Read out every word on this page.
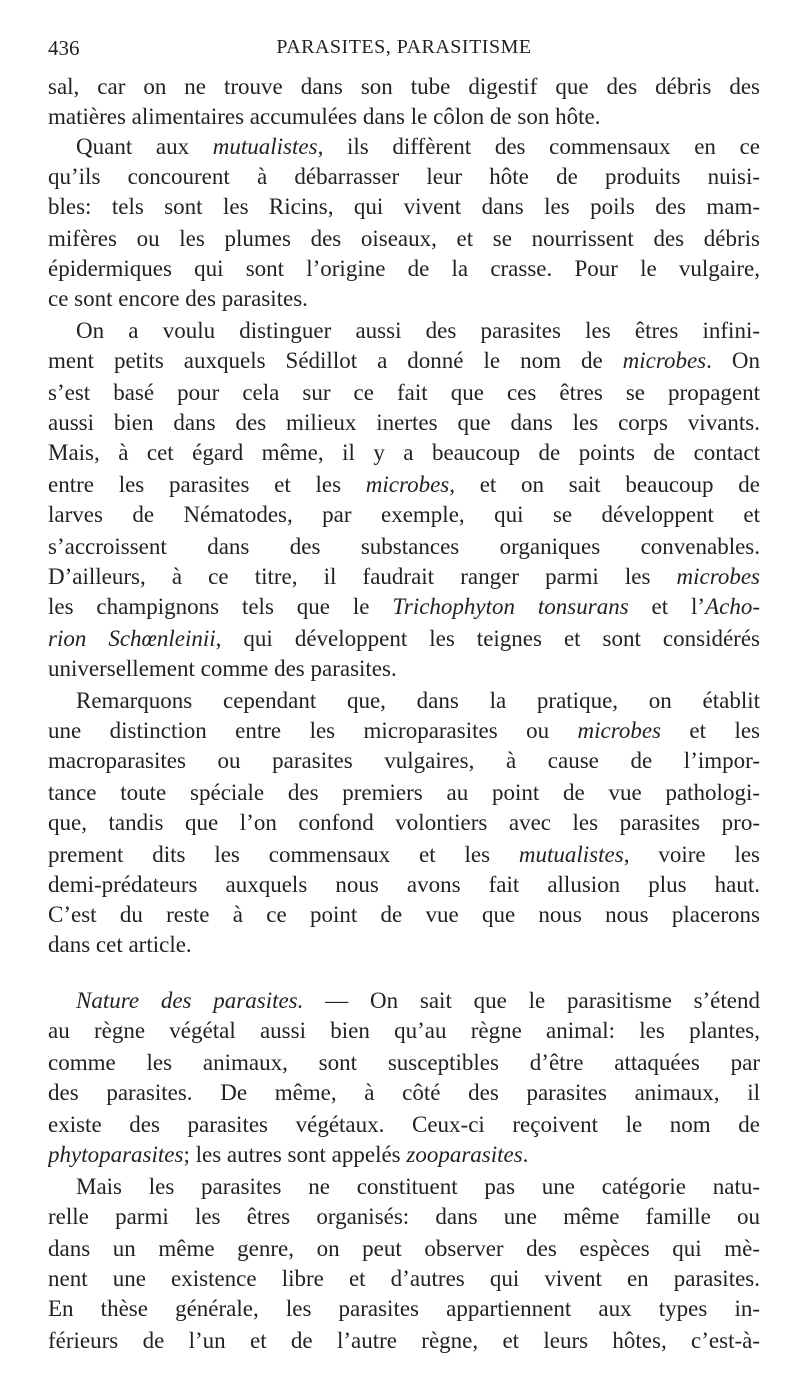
436	PARASITES, PARASITISME
sal, car on ne trouve dans son tube digestif que des débris des
matières alimentaires accumulées dans le côlon de son hôte.
Quant aux mutualistes, ils diffèrent des commensaux en ce
qu’ils concourent à débarrasser leur hôte de produits nuisi-
bles: tels sont les Ricins, qui vivent dans les poils des mam-
mifères ou les plumes des oiseaux, et se nourrissent des débris
épidermiques qui sont l’origine de la crasse. Pour le vulgaire,
ce sont encore des parasites.
On a voulu distinguer aussi des parasites les êtres infini-
ment petits auxquels Sédillot a donné le nom de microbes. On
s’est basé pour cela sur ce fait que ces êtres se propagent
aussi bien dans des milieux inertes que dans les corps vivants.
Mais, à cet égard même, il y a beaucoup de points de contact
entre les parasites et les microbes, et on sait beaucoup de
larves de Nématodes, par exemple, qui se développent et
s’accroissent dans des substances organiques convenables.
D’ailleurs, à ce titre, il faudrait ranger parmi les microbes
les champignons tels que le Trichophyton tonsurans et l’Acho-
rion Schœnleinii, qui développent les teignes et sont considérés
universellement comme des parasites.
Remarquons cependant que, dans la pratique, on établit
une distinction entre les microparasites ou microbes et les
macroparasites ou parasites vulgaires, à cause de l’impor-
tance toute spéciale des premiers au point de vue pathologi-
que, tandis que l’on confond volontiers avec les parasites pro-
prement dits les commensaux et les mutualistes, voire les
demi-prédateurs auxquels nous avons fait allusion plus haut.
C’est du reste à ce point de vue que nous nous placerons
dans cet article.
Nature des parasites. — On sait que le parasitisme s’étend
au règne végétal aussi bien qu’au règne animal: les plantes,
comme les animaux, sont susceptibles d’être attaquées par
des parasites. De même, à côté des parasites animaux, il
existe des parasites végétaux. Ceux-ci reçoivent le nom de
phytoparasites; les autres sont appelés zooparasites.
Mais les parasites ne constituent pas une catégorie natu-
relle parmi les êtres organisés: dans une même famille ou
dans un même genre, on peut observer des espèces qui mè-
nent une existence libre et d’autres qui vivent en parasites.
En thèse générale, les parasites appartiennent aux types in-
férieurs de l’un et de l’autre règne, et leurs hôtes, c’est-à-
